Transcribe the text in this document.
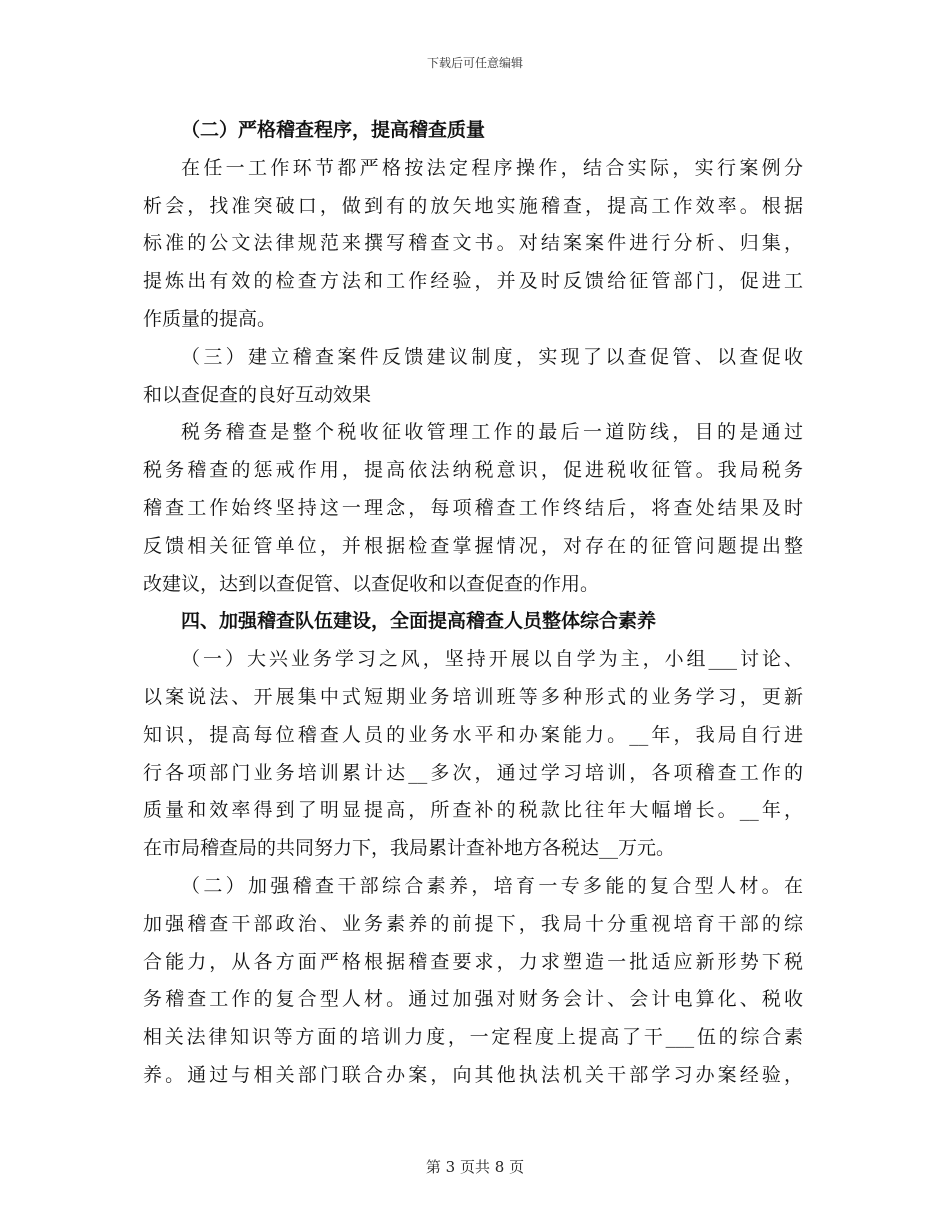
下载后可任意编辑
（二）严格稽查程序，提高稽查质量
在任一工作环节都严格按法定程序操作，结合实际，实行案例分
析会，找准突破口，做到有的放矢地实施稽查，提高工作效率。根据
标准的公文法律规范来撰写稽查文书。对结案案件进行分析、归集，
提炼出有效的检查方法和工作经验，并及时反馈给征管部门，促进工
作质量的提高。
（三）建立稽查案件反馈建议制度，实现了以查促管、以查促收
和以查促查的良好互动效果
税务稽查是整个税收征收管理工作的最后一道防线，目的是通过
税务稽查的惩戒作用，提高依法纳税意识，促进税收征管。我局税务
稽查工作始终坚持这一理念，每项稽查工作终结后，将查处结果及时
反馈相关征管单位，并根据检查掌握情况，对存在的征管问题提出整
改建议，达到以查促管、以查促收和以查促查的作用。
四、加强稽查队伍建设，全面提高稽查人员整体综合素养
（一）大兴业务学习之风，坚持开展以自学为主，小组___讨论、
以案说法、开展集中式短期业务培训班等多种形式的业务学习，更新
知识，提高每位稽查人员的业务水平和办案能力。__年，我局自行进
行各项部门业务培训累计达__多次，通过学习培训，各项稽查工作的
质量和效率得到了明显提高，所查补的税款比往年大幅增长。__年，
在市局稽查局的共同努力下，我局累计查补地方各税达__万元。
（二）加强稽查干部综合素养，培育一专多能的复合型人材。在
加强稽查干部政治、业务素养的前提下，我局十分重视培育干部的综
合能力，从各方面严格根据稽查要求，力求塑造一批适应新形势下税
务稽查工作的复合型人材。通过加强对财务会计、会计电算化、税收
相关法律知识等方面的培训力度，一定程度上提高了干___伍的综合素
养。通过与相关部门联合办案，向其他执法机关干部学习办案经验，
第 3 页共 8 页
